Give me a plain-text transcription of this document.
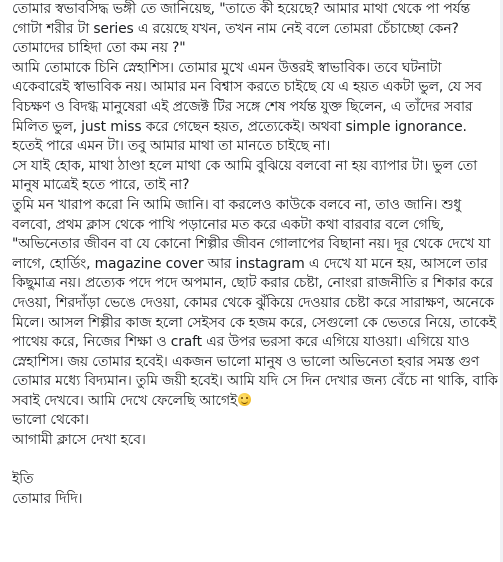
তোমার স্বভাবসিদ্ধ ভঙ্গী তে জানিয়েছ, "তাতে কী হয়েছে? আমার মাথা থেকে পা পর্যন্ত গোটা শরীর টা series এ রয়েছে যখন, তখন নাম নেই বলে তোমরা চেঁচাচ্ছো কেন? তোমাদের চাহিদা তো কম নয় ?"

আমি তোমাকে চিনি স্নেহাশিস। তোমার মুখে এমন উত্তরই স্বাভাবিক। তবে ঘটনাটা একেবারেই স্বাভাবিক নয়। আমার মন বিশ্বাস করতে চাইছে যে এ হয়ত একটা ভুল, যে সব বিচক্ষণ ও বিদগ্ধ মানুষেরা এই প্রজেক্ট টির সঙ্গে শেষ পর্যন্ত যুক্ত ছিলেন, এ তাঁদের সবার মিলিত ভুল, just miss করে গেছেন হয়ত, প্রত্যেকেই। অথবা simple ignorance. হতেই পারে এমন টা। তবু আমার মাথা তা মানতে চাইছে না।

সে যাই হোক, মাথা ঠাণ্ডা হলে মাথা কে আমি বুঝিয়ে বলবো না হয় ব্যাপার টা। ভুল তো মানুষ মাত্রেই হতে পারে, তাই না?

তুমি মন খারাপ করো নি আমি জানি। বা করলেও কাউকে বলবে না, তাও জানি। শুধু বলবো, প্রথম ক্লাস থেকে পাখি পড়ানোর মত করে একটা কথা বারবার বলে গেছি, "অভিনেতার জীবন বা যে কোনো শিল্পীর জীবন গোলাপের বিছানা নয়। দূর থেকে দেখে যা লাগে, হোর্ডিং, magazine cover আর instagram এ দেখে যা মনে হয়, আসলে তার কিছুমাত্র নয়। প্রত্যেক পদে পদে অপমান, ছোট করার চেষ্টা, নোংরা রাজনীতি র শিকার করে দেওয়া, শিরদাঁড়া ভেঙে দেওয়া, কোমর থেকে ঝুঁকিয়ে দেওয়ার চেষ্টা করে সারাক্ষণ, অনেকে মিলে। আসল শিল্পীর কাজ হলো সেইসব কে হজম করে, সেগুলো কে ভেতরে নিয়ে, তাকেই পাথেয় করে, নিজের শিক্ষা ও craft এর উপর ভরসা করে এগিয়ে যাওয়া। এগিয়ে যাও স্নেহাশিস। জয় তোমার হবেই। একজন ভালো মানুষ ও ভালো অভিনেতা হবার সমস্ত গুণ তোমার মধ্যে বিদ্যমান। তুমি জয়ী হবেই। আমি যদি সে দিন দেখার জন্য বেঁচে না থাকি, বাকি সবাই দেখবে। আমি দেখে ফেলেছি আগেই

ভালো থেকো।

আগামী ক্লাসে দেখা হবে।

ইতি

তোমার দিদি।
